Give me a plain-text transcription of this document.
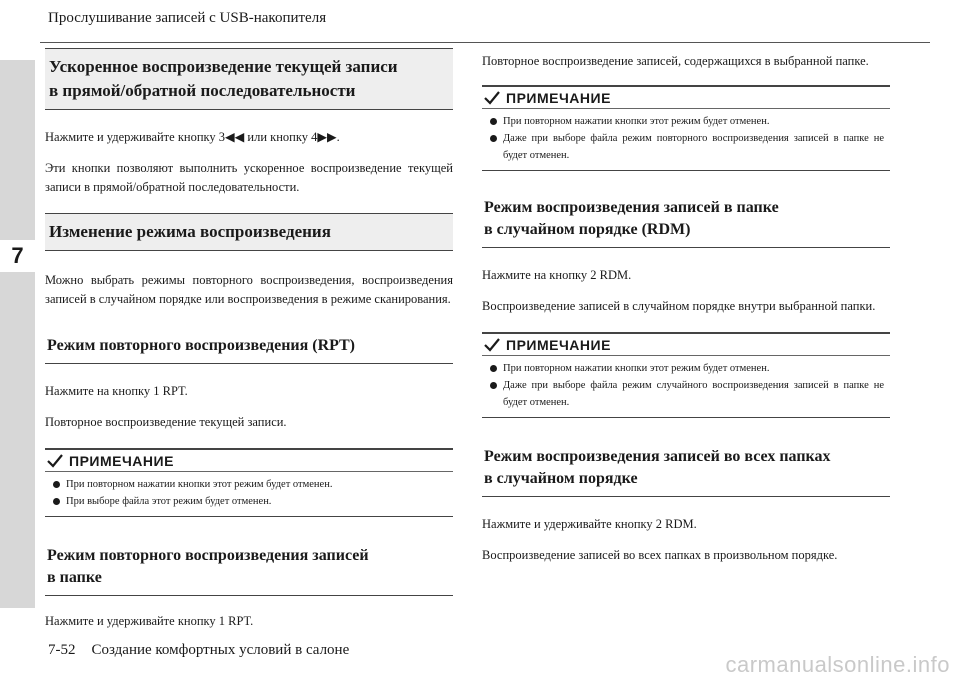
7
Прослушивание записей с USB-накопителя
Ускоренное воспроизведение текущей записи
в прямой/обратной последовательности

Нажмите и удерживайте кнопку 3◀◀ или кнопку 4▶▶.

Эти кнопки позволяют выполнить ускоренное воспроизведение текущей записи в прямой/обратной последовательности.

Изменение режима воспроизведения

Можно выбрать режимы повторного воспроизведения, воспроизведения записей в случайном порядке или воспроизведения в режиме сканирования.

Режим повторного воспроизведения (RPT)

Нажмите на кнопку 1 RPT.

Повторное воспроизведение текущей записи.

ПРИМЕЧАНИЕ
При повторном нажатии кнопки этот режим будет отменен.
При выборе файла этот режим будет отменен.
Режим повторного воспроизведения записей
в папке

Нажмите и удерживайте кнопку 1 RPT.

Повторное воспроизведение записей, содержащихся в выбранной папке.

ПРИМЕЧАНИЕ
При повторном нажатии кнопки этот режим будет отменен.
Даже при выборе файла режим повторного воспроизведения записей в папке не будет отменен.
Режим воспроизведения записей в папке
в случайном порядке (RDM)

Нажмите на кнопку 2 RDM.

Воспроизведение записей в случайном порядке внутри выбранной папки.

ПРИМЕЧАНИЕ
При повторном нажатии кнопки этот режим будет отменен.
Даже при выборе файла режим случайного воспроизведения записей в папке не будет отменен.
Режим воспроизведения записей во всех папках
в случайном порядке

Нажмите и удерживайте кнопку 2 RDM.

Воспроизведение записей во всех папках в произвольном порядке.

7-52 Создание комфортных условий в салоне
carmanualsonline.info
